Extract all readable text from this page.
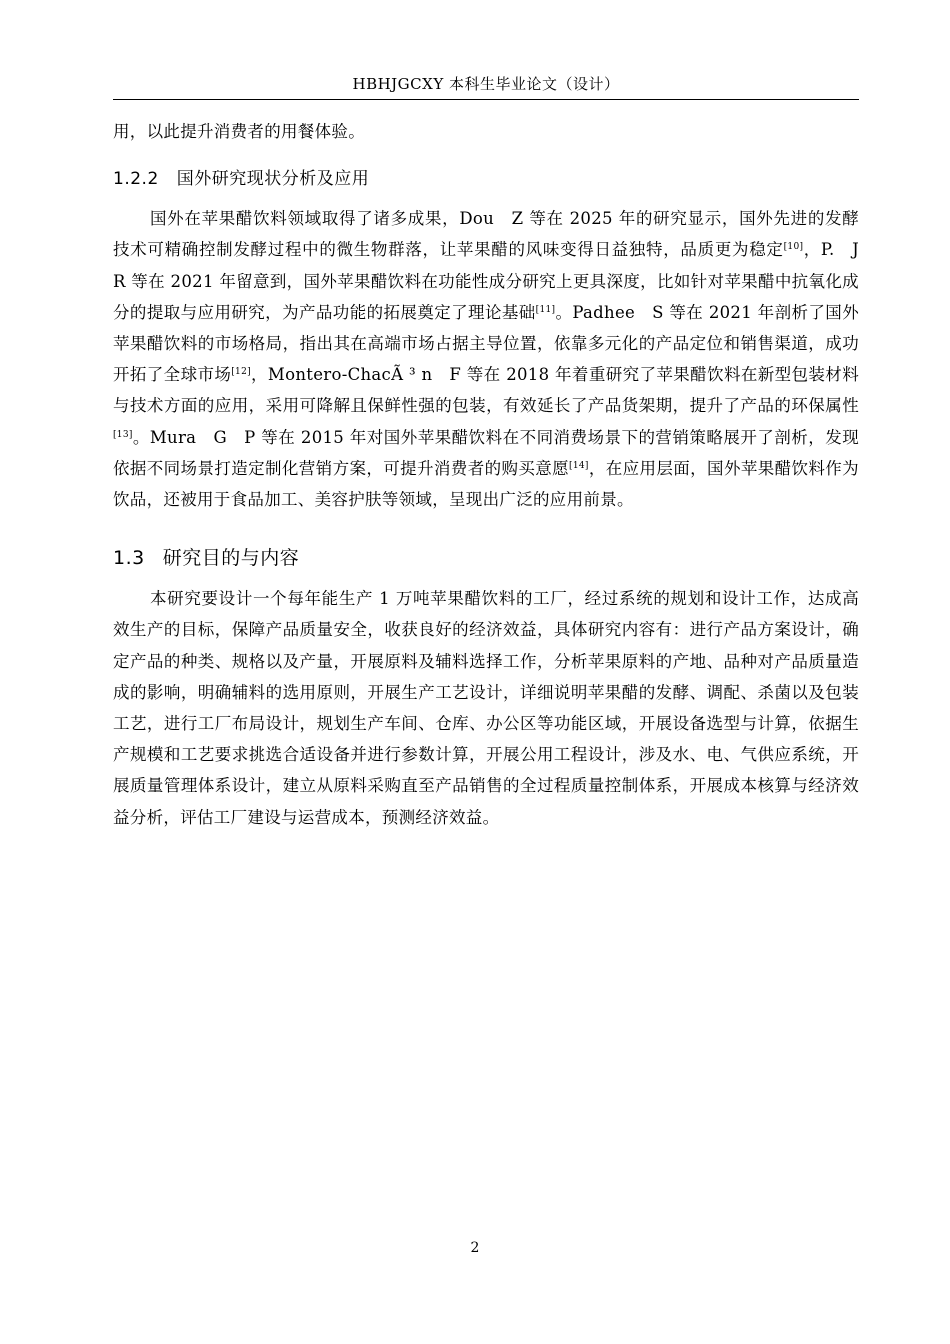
HBHJGCXY 本科生毕业论文（设计）

用，以此提升消费者的用餐体验。

1.2.2 国外研究现状分析及应用

国外在苹果醋饮料领域取得了诸多成果，Dou　Z 等在 2025 年的研究显示，国外先进的发酵技术可精确控制发酵过程中的微生物群落，让苹果醋的风味变得日益独特，品质更为稳定[10]，P.　J　R 等在 2021 年留意到，国外苹果醋饮料在功能性成分研究上更具深度，比如针对苹果醋中抗氧化成分的提取与应用研究，为产品功能的拓展奠定了理论基础[11]。Padhee　S 等在 2021 年剖析了国外苹果醋饮料的市场格局，指出其在高端市场占据主导位置，依靠多元化的产品定位和销售渠道，成功开拓了全球市场[12]，Montero-ChacÃ ³ n　F 等在 2018 年着重研究了苹果醋饮料在新型包装材料与技术方面的应用，采用可降解且保鲜性强的包装，有效延长了产品货架期，提升了产品的环保属性[13]。Mura　G　P 等在 2015 年对国外苹果醋饮料在不同消费场景下的营销策略展开了剖析，发现依据不同场景打造定制化营销方案，可提升消费者的购买意愿[14]，在应用层面，国外苹果醋饮料作为饮品，还被用于食品加工、美容护肤等领域，呈现出广泛的应用前景。

1.3 研究目的与内容

本研究要设计一个每年能生产 1 万吨苹果醋饮料的工厂，经过系统的规划和设计工作，达成高效生产的目标，保障产品质量安全，收获良好的经济效益，具体研究内容有：进行产品方案设计，确定产品的种类、规格以及产量，开展原料及辅料选择工作，分析苹果原料的产地、品种对产品质量造成的影响，明确辅料的选用原则，开展生产工艺设计，详细说明苹果醋的发酵、调配、杀菌以及包装工艺，进行工厂布局设计，规划生产车间、仓库、办公区等功能区域，开展设备选型与计算，依据生产规模和工艺要求挑选合适设备并进行参数计算，开展公用工程设计，涉及水、电、气供应系统，开展质量管理体系设计，建立从原料采购直至产品销售的全过程质量控制体系，开展成本核算与经济效益分析，评估工厂建设与运营成本，预测经济效益。

2
